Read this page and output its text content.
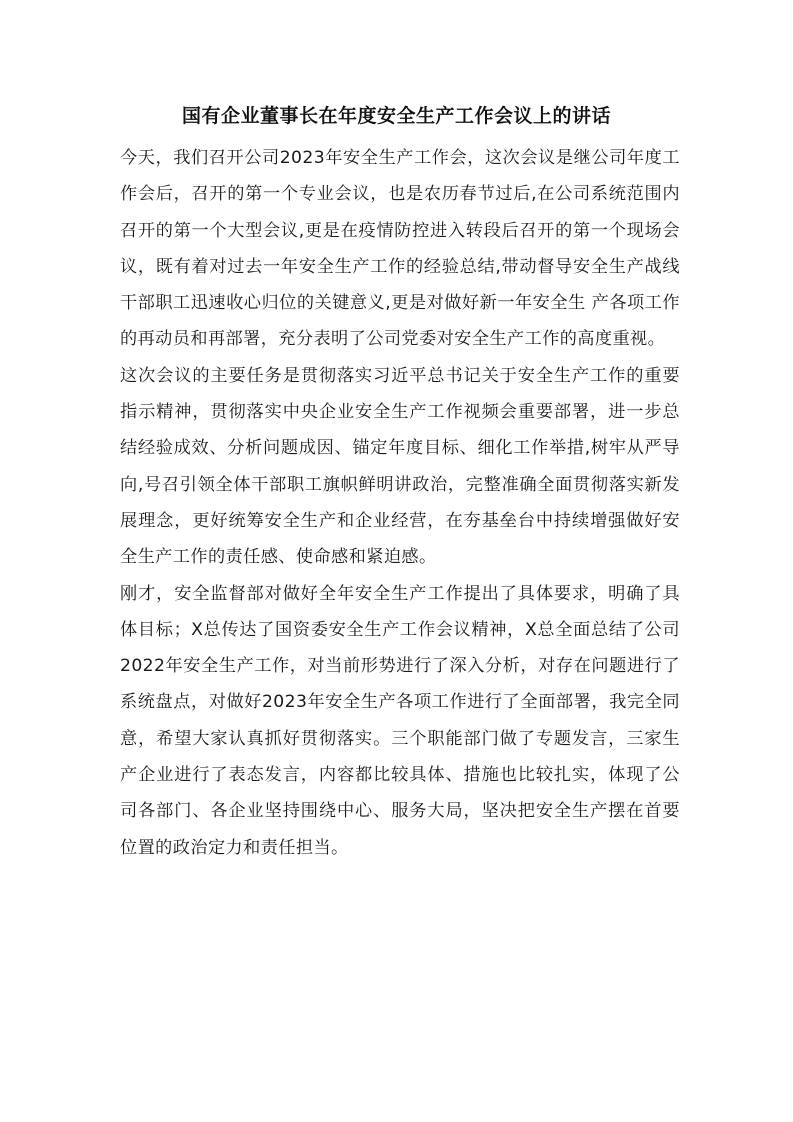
国有企业董事长在年度安全生产工作会议上的讲话

今天，我们召开公司2023年安全生产工作会，这次会议是继公司年度工作会后，召开的第一个专业会议，也是农历春节过后,在公司系统范围内召开的第一个大型会议,更是在疫情防控进入转段后召开的第一个现场会议，既有着对过去一年安全生产工作的经验总结,带动督导安全生产战线干部职工迅速收心归位的关键意义,更是对做好新一年安全生 产各项工作的再动员和再部署，充分表明了公司党委对安全生产工作的高度重视。

这次会议的主要任务是贯彻落实习近平总书记关于安全生产工作的重要指示精神，贯彻落实中央企业安全生产工作视频会重要部署，进一步总结经验成效、分析问题成因、锚定年度目标、细化工作举措,树牢从严导向,号召引领全体干部职工旗帜鲜明讲政治，完整准确全面贯彻落实新发展理念，更好统筹安全生产和企业经营，在夯基垒台中持续增强做好安全生产工作的责任感、使命感和紧迫感。

刚才，安全监督部对做好全年安全生产工作提出了具体要求，明确了具体目标；X总传达了国资委安全生产工作会议精神，X总全面总结了公司2022年安全生产工作，对当前形势进行了深入分析，对存在问题进行了系统盘点，对做好2023年安全生产各项工作进行了全面部署，我完全同意，希望大家认真抓好贯彻落实。三个职能部门做了专题发言，三家生产企业进行了表态发言，内容都比较具体、措施也比较扎实，体现了公司各部门、各企业坚持围绕中心、服务大局，坚决把安全生产摆在首要位置的政治定力和责任担当。
